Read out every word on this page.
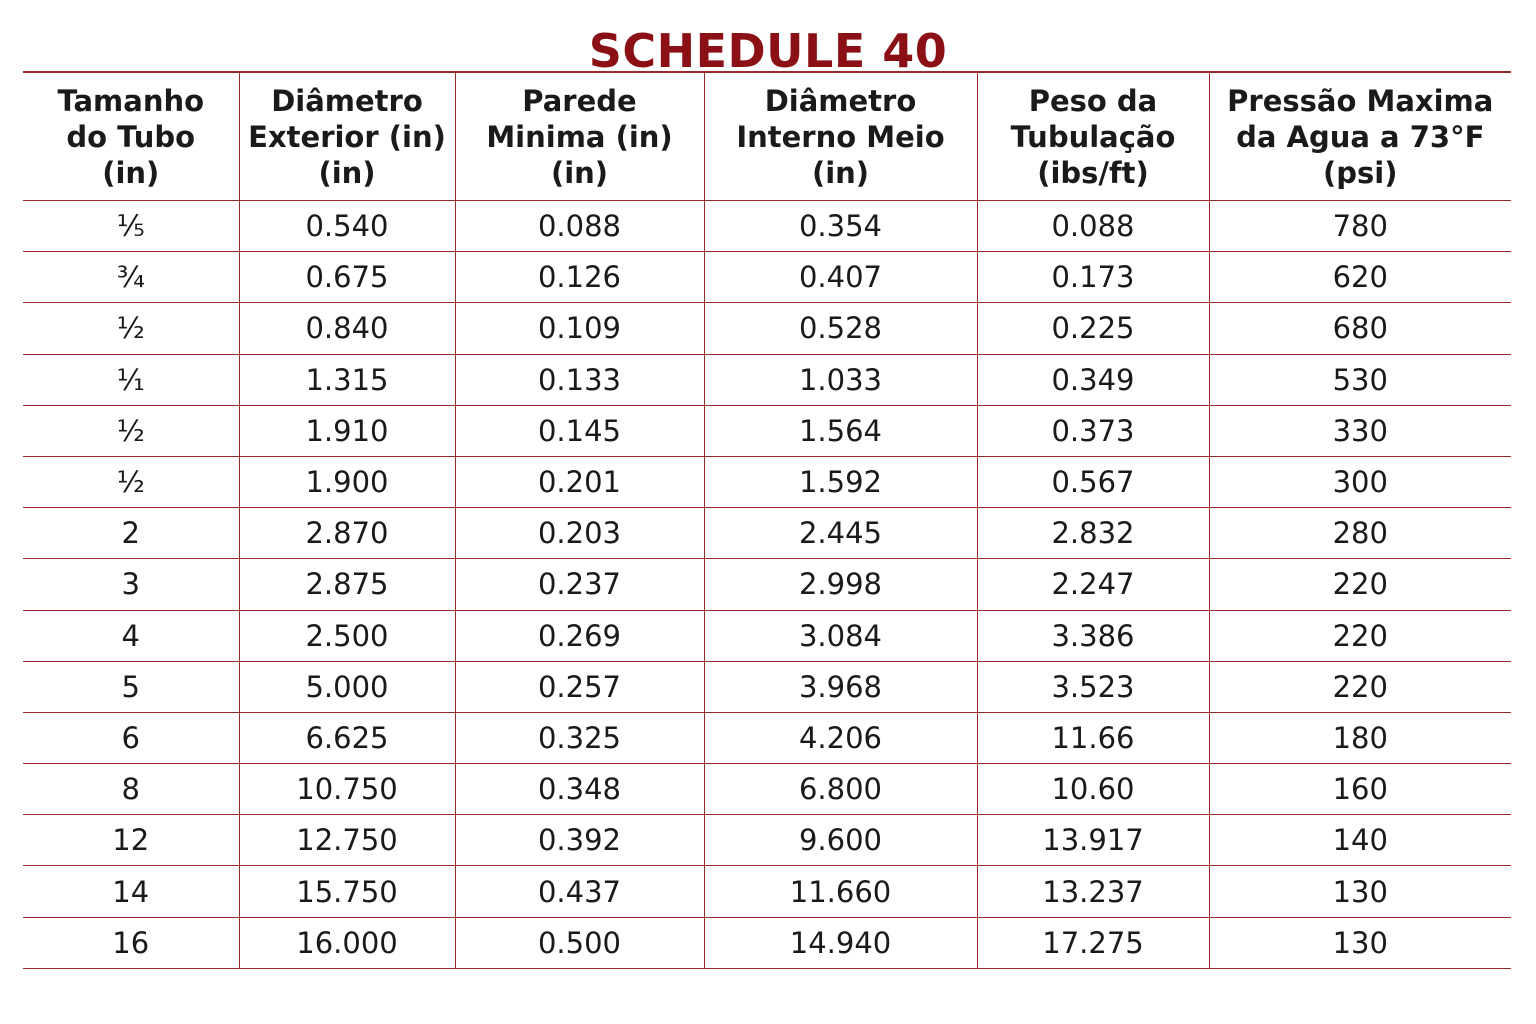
SCHEDULE 40
Tamanho
do Tubo
(in)	Diâmetro
Exterior (in)
(in)	Parede
Minima (in)
(in)	Diâmetro
Interno Meio
(in)	Peso da
Tubulação
(ibs/ft)	Pressão Maxima
da Agua a 73°F
(psi)

⅕	0.540	0.088	0.354	0.088	780
¾	0.675	0.126	0.407	0.173	620
½	0.840	0.109	0.528	0.225	680
⅟₁	1.315	0.133	1.033	0.349	530
½	1.910	0.145	1.564	0.373	330
½	1.900	0.201	1.592	0.567	300
2	2.870	0.203	2.445	2.832	280
3	2.875	0.237	2.998	2.247	220
4	2.500	0.269	3.084	3.386	220
5	5.000	0.257	3.968	3.523	220
6	6.625	0.325	4.206	11.66	180
8	10.750	0.348	6.800	10.60	160
12	12.750	0.392	9.600	13.917	140
14	15.750	0.437	11.660	13.237	130
16	16.000	0.500	14.940	17.275	130
